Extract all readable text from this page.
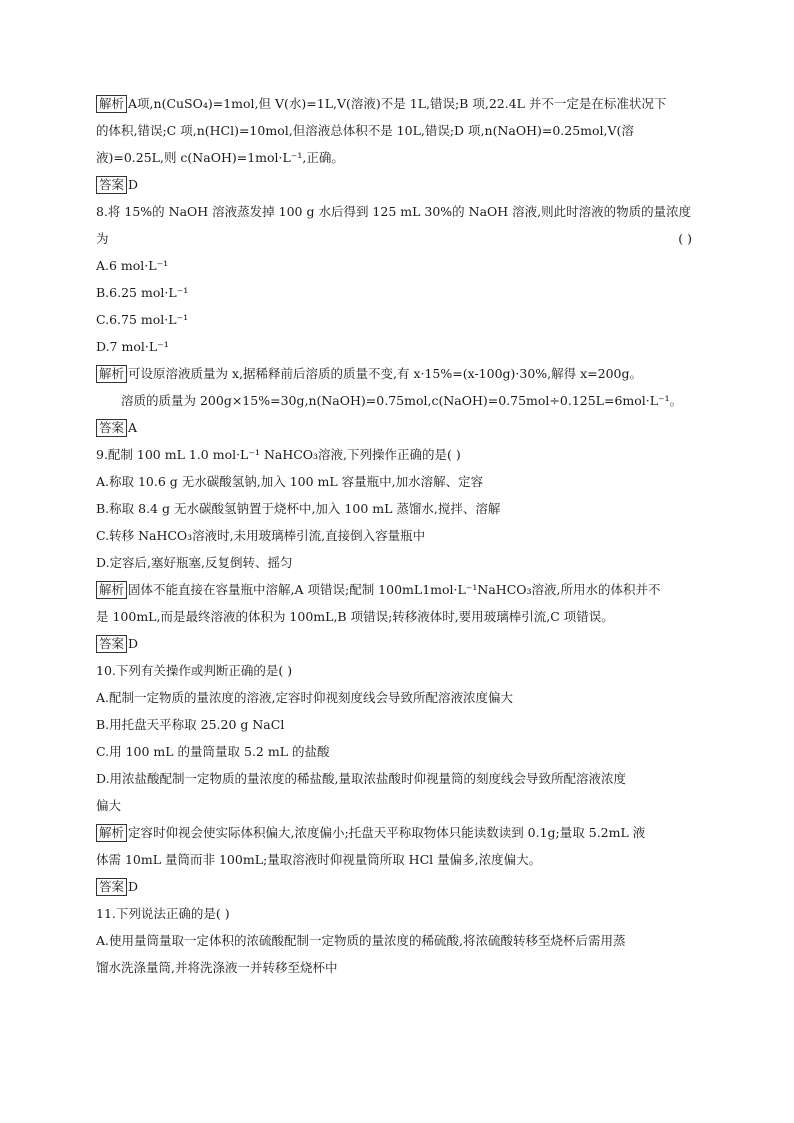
解析 A项,n(CuSO₄)=1mol,但 V(水)=1L,V(溶液)不是 1L,错误;B 项,22.4L 并不一定是在标准状况下
的体积,错误;C 项,n(HCl)=10mol,但溶液总体积不是 10L,错误;D 项,n(NaOH)=0.25mol,V(溶
液)=0.25L,则 c(NaOH)=1mol·L⁻¹,正确。
答案 D
8.将 15%的 NaOH 溶液蒸发掉 100 g 水后得到 125 mL 30%的 NaOH 溶液,则此时溶液的物质的量浓度
为	( )
A.6 mol·L⁻¹
B.6.25 mol·L⁻¹
C.6.75 mol·L⁻¹
D.7 mol·L⁻¹
解析 可设原溶液质量为 x,据稀释前后溶质的质量不变,有 x·15%=(x-100g)·30%,解得 x=200g。
溶质的质量为 200g×15%=30g,n(NaOH)=0.75mol,c(NaOH)=0.75mol÷0.125L=6mol·L⁻¹。
答案 A
9.配制 100 mL 1.0 mol·L⁻¹ NaHCO₃溶液,下列操作正确的是( )
A.称取 10.6 g 无水碳酸氢钠,加入 100 mL 容量瓶中,加水溶解、定容
B.称取 8.4 g 无水碳酸氢钠置于烧杯中,加入 100 mL 蒸馏水,搅拌、溶解
C.转移 NaHCO₃溶液时,未用玻璃棒引流,直接倒入容量瓶中
D.定容后,塞好瓶塞,反复倒转、摇匀
解析 固体不能直接在容量瓶中溶解,A 项错误;配制 100mL1mol·L⁻¹NaHCO₃溶液,所用水的体积并不
是 100mL,而是最终溶液的体积为 100mL,B 项错误;转移液体时,要用玻璃棒引流,C 项错误。
答案 D
10.下列有关操作或判断正确的是( )
A.配制一定物质的量浓度的溶液,定容时仰视刻度线会导致所配溶液浓度偏大
B.用托盘天平称取 25.20 g NaCl
C.用 100 mL 的量筒量取 5.2 mL 的盐酸
D.用浓盐酸配制一定物质的量浓度的稀盐酸,量取浓盐酸时仰视量筒的刻度线会导致所配溶液浓度
偏大
解析 定容时仰视会使实际体积偏大,浓度偏小;托盘天平称取物体只能读数读到 0.1g;量取 5.2mL 液
体需 10mL 量筒而非 100mL;量取溶液时仰视量筒所取 HCl 量偏多,浓度偏大。
答案 D
11.下列说法正确的是( )
A.使用量筒量取一定体积的浓硫酸配制一定物质的量浓度的稀硫酸,将浓硫酸转移至烧杯后需用蒸
馏水洗涤量筒,并将洗涤液一并转移至烧杯中
